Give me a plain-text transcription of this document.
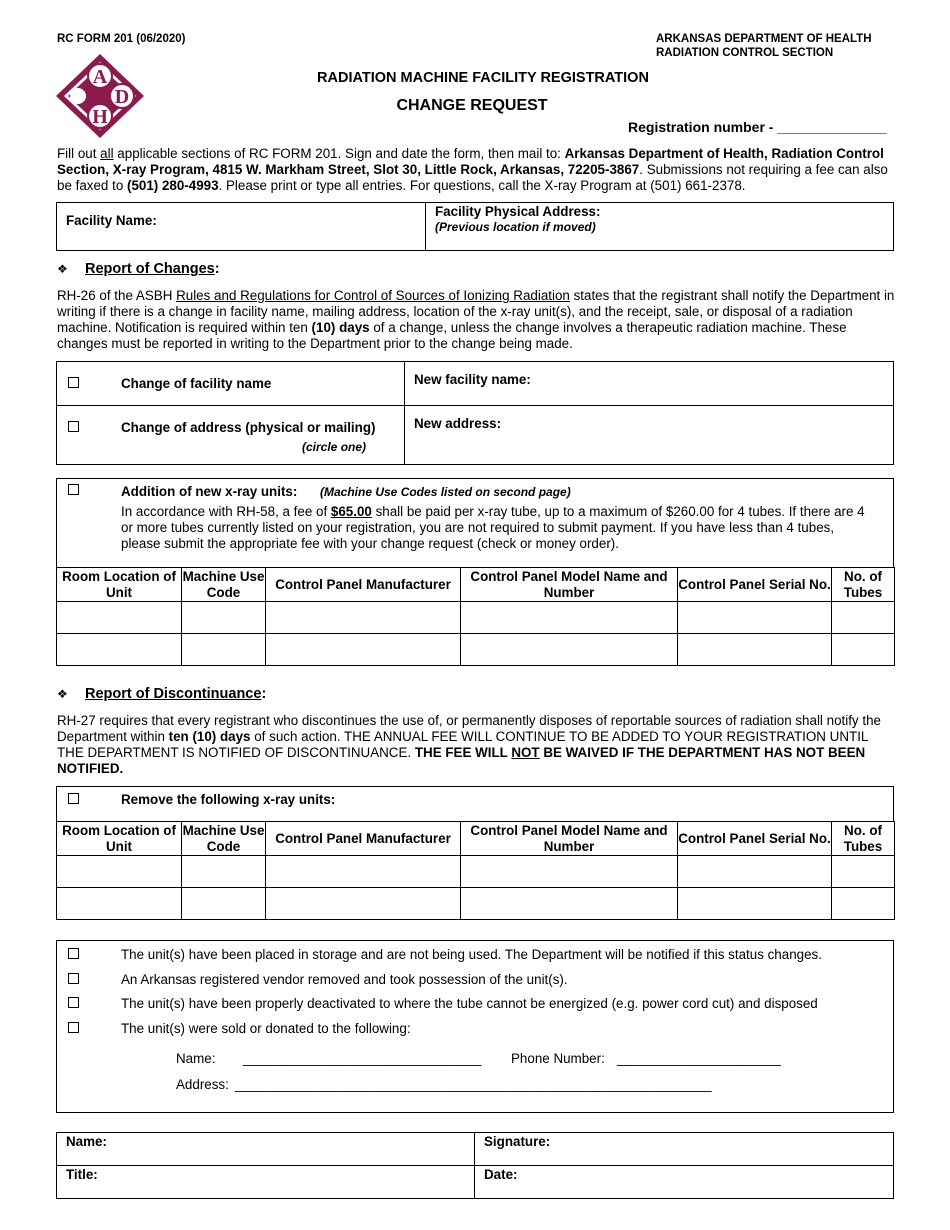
RC FORM 201 (06/2020)	ARKANSAS DEPARTMENT OF HEALTH
RADIATION CONTROL SECTION
A
D
H
RADIATION MACHINE FACILITY REGISTRATION
CHANGE REQUEST
Registration number - ______________
Fill out all applicable sections of RC FORM 201. Sign and date the form, then mail to: Arkansas Department of Health, Radiation Control Section, X-ray Program, 4815 W. Markham Street, Slot 30, Little Rock, Arkansas, 72205-3867. Submissions not requiring a fee can also be faxed to (501) 280-4993. Please print or type all entries. For questions, call the X-ray Program at (501) 661-2378.
Facility Name:
Facility Physical Address:
(Previous location if moved)
❖ Report of Changes:
RH-26 of the ASBH Rules and Regulations for Control of Sources of Ionizing Radiation states that the registrant shall notify the Department in writing if there is a change in facility name, mailing address, location of the x-ray unit(s), and the receipt, sale, or disposal of a radiation machine. Notification is required within ten (10) days of a change, unless the change involves a therapeutic radiation machine. These changes must be reported in writing to the Department prior to the change being made.
Change of facility name	New facility name:
Change of address (physical or mailing)
(circle one)
New address:
Addition of new x-ray units: (Machine Use Codes listed on second page)
In accordance with RH-58, a fee of $65.00 shall be paid per x-ray tube, up to a maximum of $260.00 for 4 tubes. If there are 4 or more tubes currently listed on your registration, you are not required to submit payment. If you have less than 4 tubes, please submit the appropriate fee with your change request (check or money order).
Room Location of Unit	Machine Use Code	Control Panel Manufacturer	Control Panel Model Name and Number	Control Panel Serial No.	No. of Tubes

❖ Report of Discontinuance:
RH-27 requires that every registrant who discontinues the use of, or permanently disposes of reportable sources of radiation shall notify the Department within ten (10) days of such action. THE ANNUAL FEE WILL CONTINUE TO BE ADDED TO YOUR REGISTRATION UNTIL THE DEPARTMENT IS NOTIFIED OF DISCONTINUANCE. THE FEE WILL NOT BE WAIVED IF THE DEPARTMENT HAS NOT BEEN NOTIFIED.
Remove the following x-ray units:
Room Location of Unit	Machine Use Code	Control Panel Manufacturer	Control Panel Model Name and Number	Control Panel Serial No.	No. of Tubes

The unit(s) have been placed in storage and are not being used. The Department will be notified if this status changes.
An Arkansas registered vendor removed and took possession of the unit(s).
The unit(s) have been properly deactivated to where the tube cannot be energized (e.g. power cord cut) and disposed
The unit(s) were sold or donated to the following:
Name: ________________________________ Phone Number: ______________________
Address: ________________________________________________________________
Name:	Signature:
Title:	Date:
